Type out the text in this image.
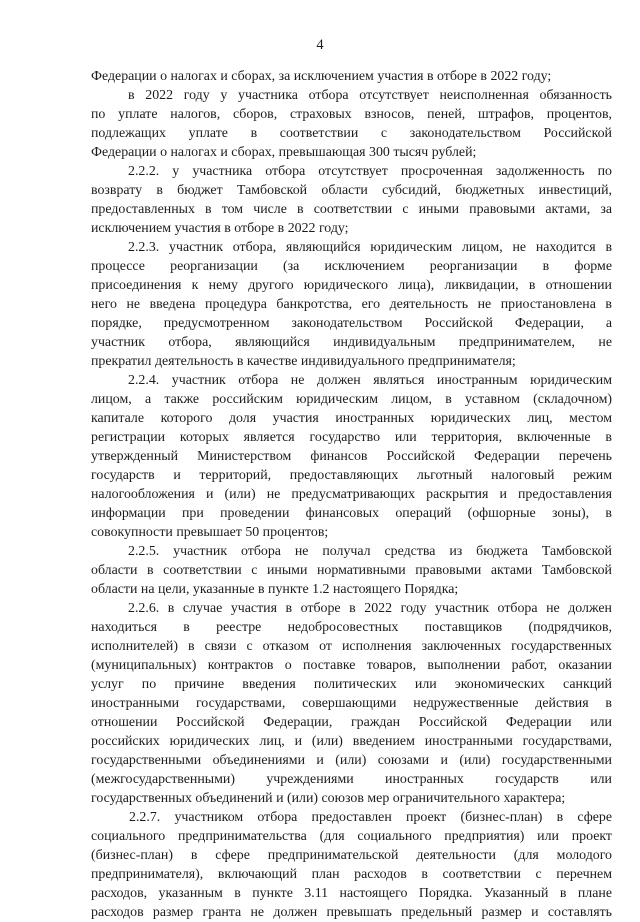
4
Федерации о налогах и сборах, за исключением участия в отборе в 2022 году;
в 2022 году у участника отбора отсутствует неисполненная обязанность
по уплате налогов, сборов, страховых взносов, пеней, штрафов, процентов,
подлежащих уплате в соответствии с законодательством Российской
Федерации о налогах и сборах, превышающая 300 тысяч рублей;
2.2.2. у участника отбора отсутствует просроченная задолженность по
возврату в бюджет Тамбовской области субсидий, бюджетных инвестиций,
предоставленных в том числе в соответствии с иными правовыми актами, за
исключением участия в отборе в 2022 году;
2.2.3. участник отбора, являющийся юридическим лицом, не находится в
процессе реорганизации (за исключением реорганизации в форме
присоединения к нему другого юридического лица), ликвидации, в отношении
него не введена процедура банкротства, его деятельность не приостановлена в
порядке, предусмотренном законодательством Российской Федерации, а
участник отбора, являющийся индивидуальным предпринимателем, не
прекратил деятельность в качестве индивидуального предпринимателя;
2.2.4. участник отбора не должен являться иностранным юридическим
лицом, а также российским юридическим лицом, в уставном (складочном)
капитале которого доля участия иностранных юридических лиц, местом
регистрации которых является государство или территория, включенные в
утвержденный Министерством финансов Российской Федерации перечень
государств и территорий, предоставляющих льготный налоговый режим
налогообложения и (или) не предусматривающих раскрытия и предоставления
информации при проведении финансовых операций (офшорные зоны), в
совокупности превышает 50 процентов;
2.2.5. участник отбора не получал средства из бюджета Тамбовской
области в соответствии с иными нормативными правовыми актами Тамбовской
области на цели, указанные в пункте 1.2 настоящего Порядка;
2.2.6. в случае участия в отборе в 2022 году участник отбора не должен
находиться в реестре недобросовестных поставщиков (подрядчиков,
исполнителей) в связи с отказом от исполнения заключенных государственных
(муниципальных) контрактов о поставке товаров, выполнении работ, оказании
услуг по причине введения политических или экономических санкций
иностранными государствами, совершающими недружественные действия в
отношении Российской Федерации, граждан Российской Федерации или
российских юридических лиц, и (или) введением иностранными государствами,
государственными объединениями и (или) союзами и (или) государственными
(межгосударственными) учреждениями иностранных государств или
государственных объединений и (или) союзов мер ограничительного характера;
2.2.7. участником отбора предоставлен проект (бизнес-план) в сфере
социального предпринимательства (для социального предприятия) или проект
(бизнес-план) в сфере предпринимательской деятельности (для молодого
предпринимателя), включающий план расходов в соответствии с перечнем
расходов, указанным в пункте 3.11 настоящего Порядка. Указанный в плане
расходов размер гранта не должен превышать предельный размер и составлять
